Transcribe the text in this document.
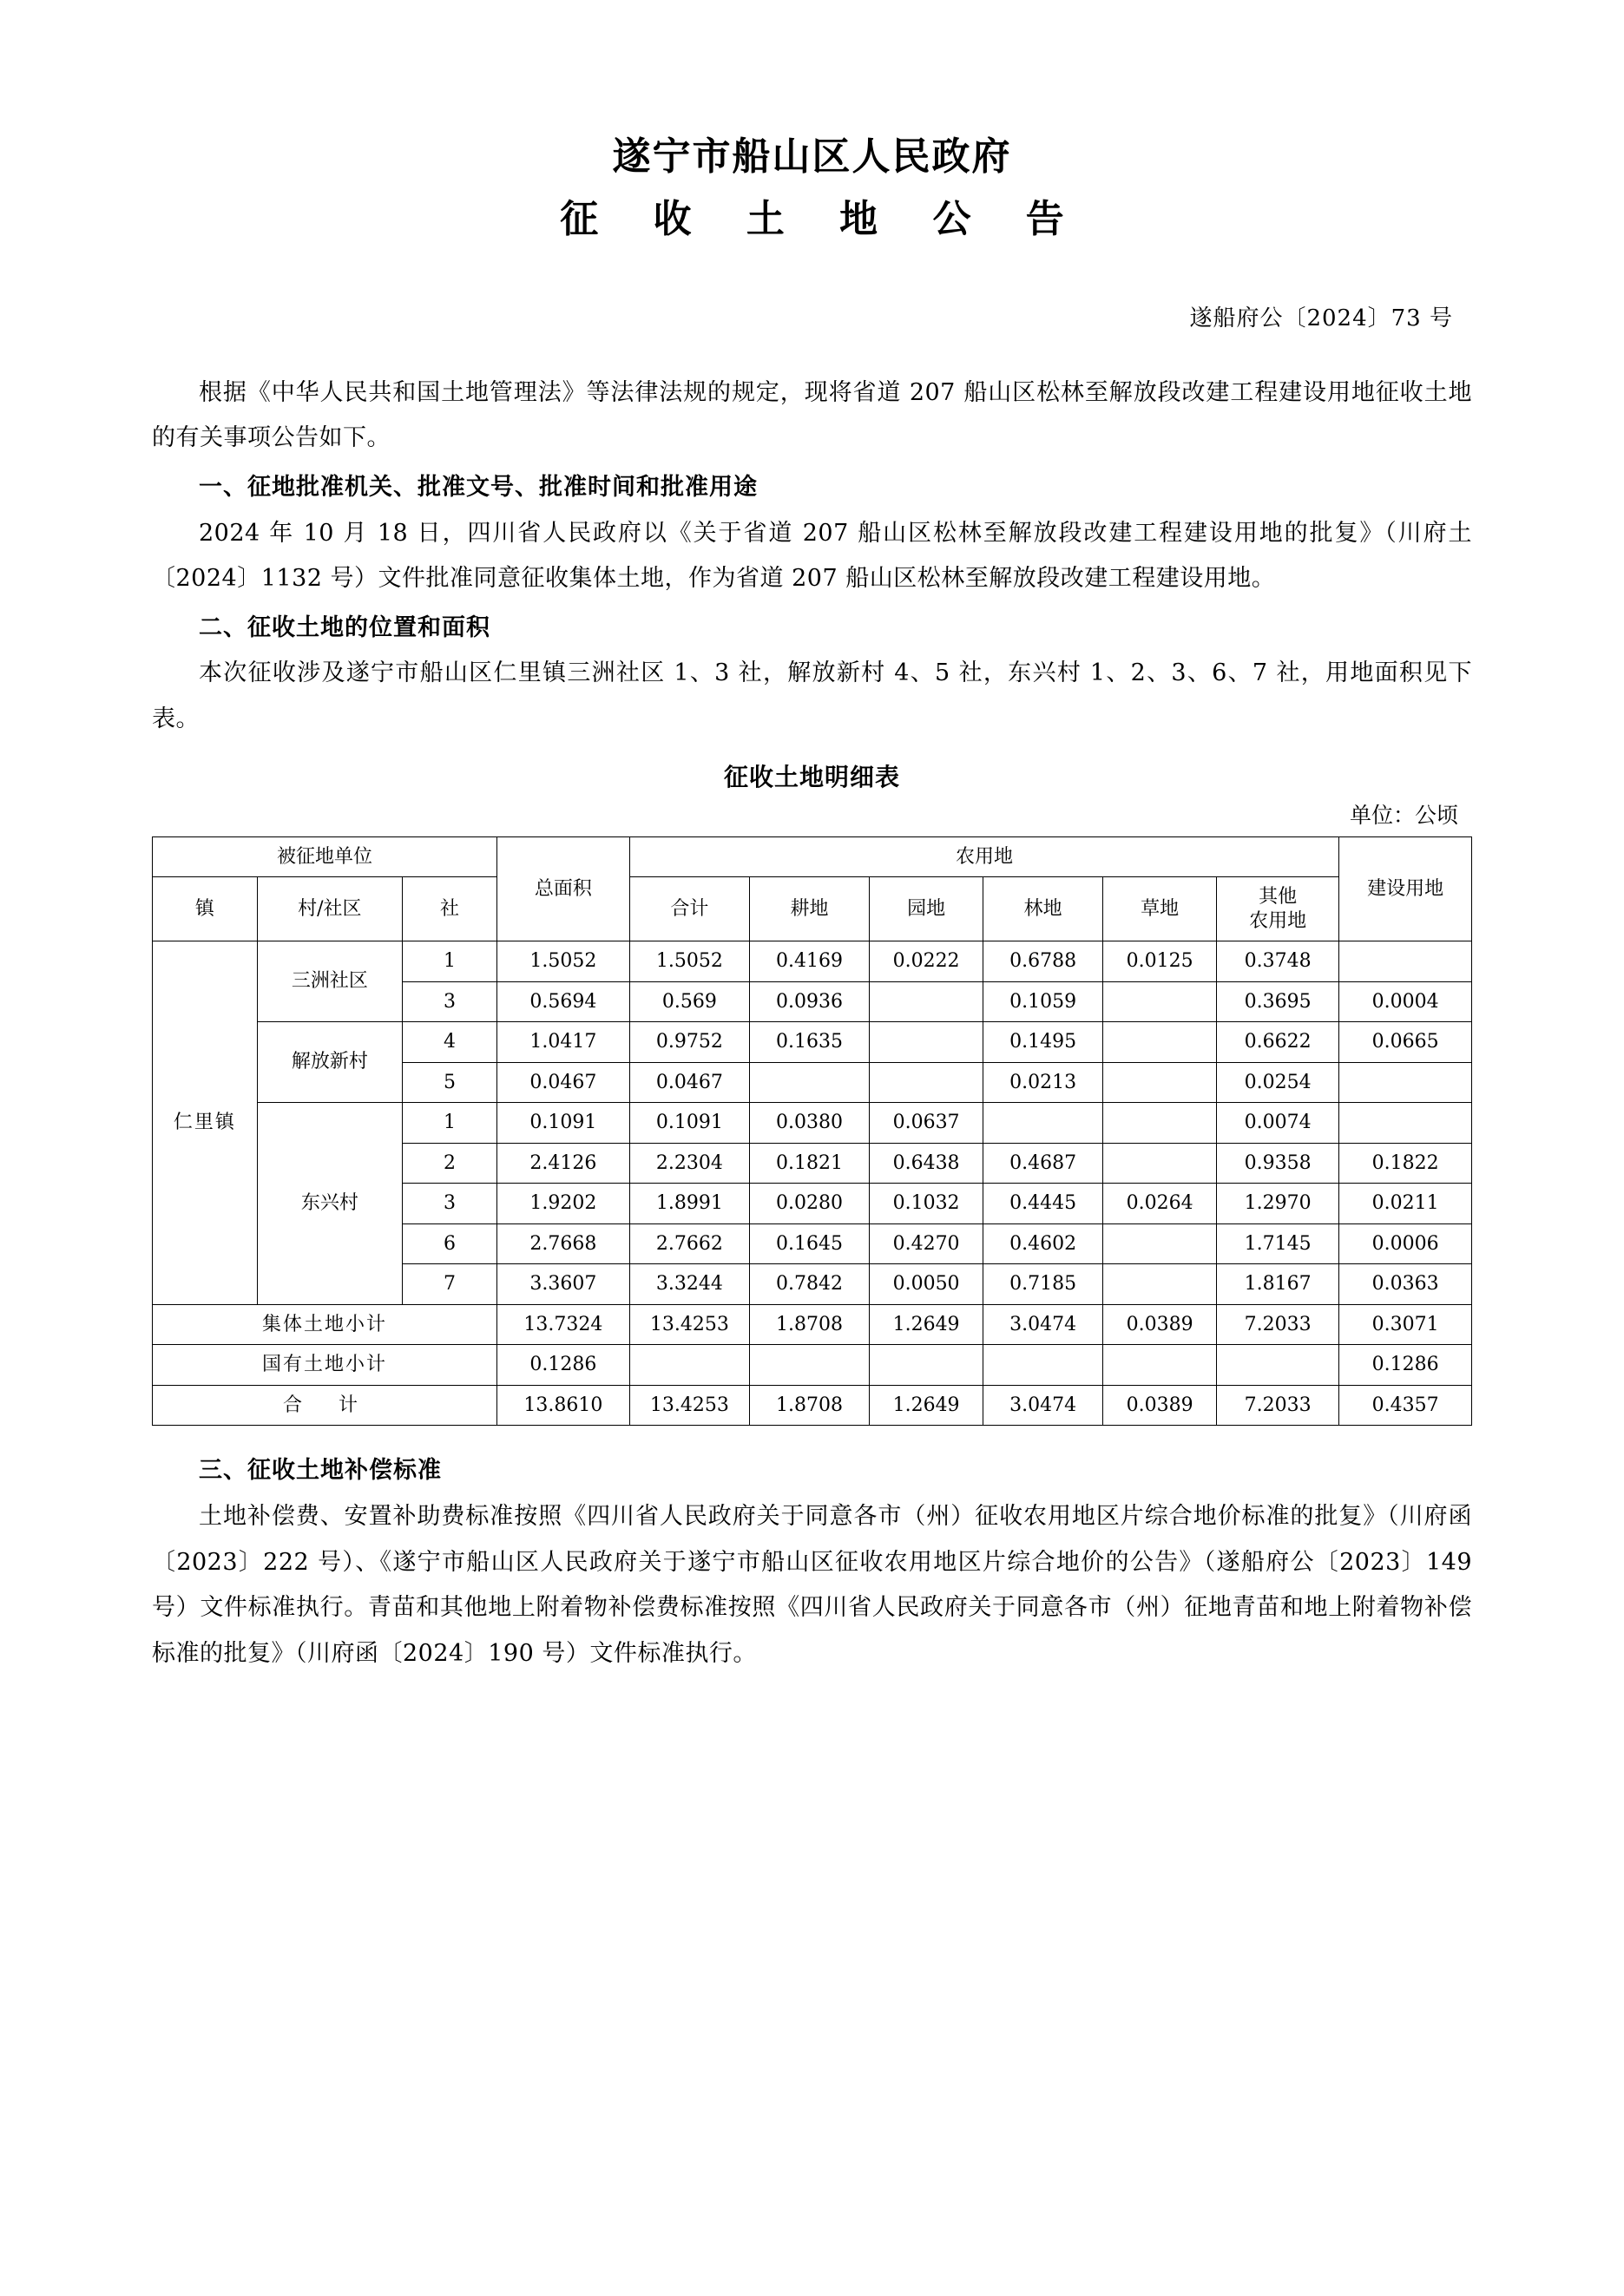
遂宁市船山区人民政府
征 收 土 地 公 告
遂船府公〔2024〕73 号

根据《中华人民共和国土地管理法》等法律法规的规定，现将省道 207 船山区松林至解放段改建工程建设用地征收土地的有关事项公告如下。

一、征地批准机关、批准文号、批准时间和批准用途

2024 年 10 月 18 日，四川省人民政府以《关于省道 207 船山区松林至解放段改建工程建设用地的批复》（川府土〔2024〕1132 号）文件批准同意征收集体土地，作为省道 207 船山区松林至解放段改建工程建设用地。

二、征收土地的位置和面积

本次征收涉及遂宁市船山区仁里镇三洲社区 1、3 社，解放新村 4、5 社，东兴村 1、2、3、6、7 社，用地面积见下表。

征收土地明细表
单位：公顷
被征地单位			总面积	农用地						建设用地
镇	村/社区	社		合计	耕地	园地	林地	草地	其他
农用地	
仁里镇	三洲社区	1	1.5052	1.5052	0.4169	0.0222	0.6788	0.0125	0.3748	
		3	0.5694	0.569	0.0936		0.1059		0.3695	0.0004
	解放新村	4	1.0417	0.9752	0.1635		0.1495		0.6622	0.0665
		5	0.0467	0.0467			0.0213		0.0254	
	东兴村	1	0.1091	0.1091	0.0380	0.0637			0.0074	
		2	2.4126	2.2304	0.1821	0.6438	0.4687		0.9358	0.1822
		3	1.9202	1.8991	0.0280	0.1032	0.4445	0.0264	1.2970	0.0211
		6	2.7668	2.7662	0.1645	0.4270	0.4602		1.7145	0.0006
		7	3.3607	3.3244	0.7842	0.0050	0.7185		1.8167	0.0363
集体土地小计			13.7324	13.4253	1.8708	1.2649	3.0474	0.0389	7.2033	0.3071
国有土地小计			0.1286							0.1286
合　计			13.8610	13.4253	1.8708	1.2649	3.0474	0.0389	7.2033	0.4357
三、征收土地补偿标准

土地补偿费、安置补助费标准按照《四川省人民政府关于同意各市（州）征收农用地区片综合地价标准的批复》（川府函〔2023〕222 号）、《遂宁市船山区人民政府关于遂宁市船山区征收农用地区片综合地价的公告》（遂船府公〔2023〕149 号）文件标准执行。青苗和其他地上附着物补偿费标准按照《四川省人民政府关于同意各市（州）征地青苗和地上附着物补偿标准的批复》（川府函〔2024〕190 号）文件标准执行。
